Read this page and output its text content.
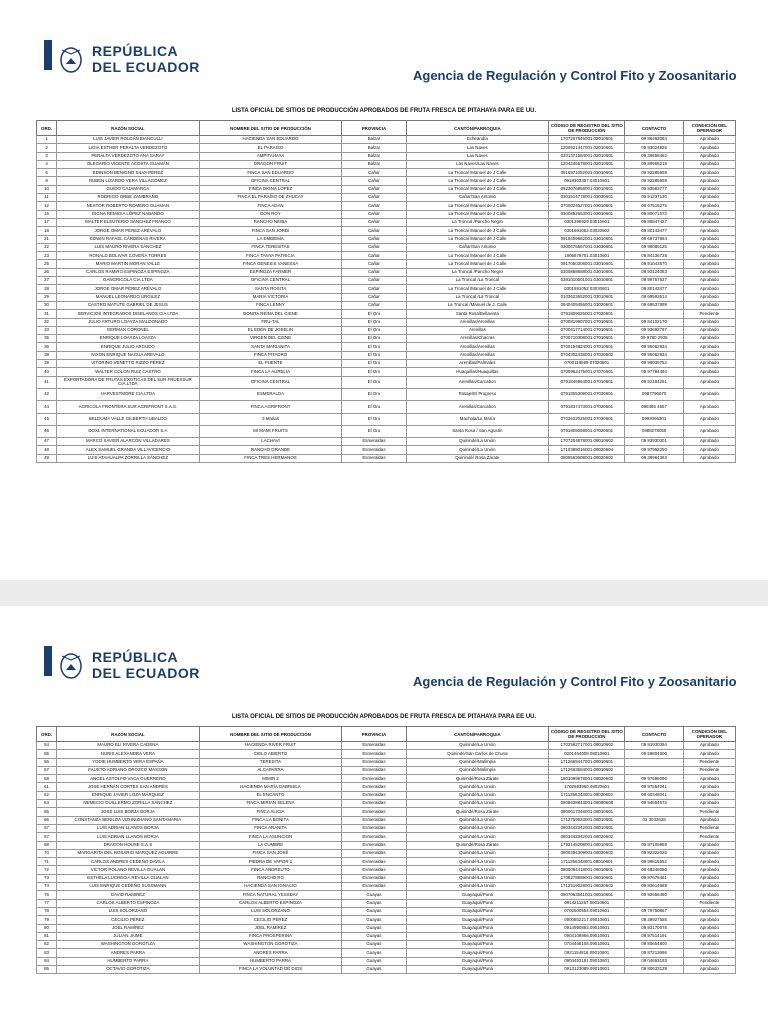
REPÚBLICA
DEL ECUADOR
Agencia de Regulación y Control Fito y Zoosanitario
LISTA OFICIAL DE SITIOS DE PRODUCCIÓN APROBADOS DE FRUTA FRESCA DE PITAHAYA PARA EE UU.
ORD.	RAZÓN SOCIAL	NOMBRE DEL SITIO DE PRODUCCIÓN	PROVINCIA	CANTÓN/PARROQUIA	CÓDIGO DE REGISTRO DEL SITIO DE PRODUCCIÓN	CONTACTO	CONDICIÓN DEL OPERADOR
1	LUIS JAVIER ROLDÁN BIANCULLI	HACIENDA SAN EDUARDO	Balzar	Echeandía	1707207645001.02010601	09 86462084	Aprobado
2	LIGIA ESTHER PERALTA VERDEZOTO	EL PARAISO	Balzar	Las Naves	1200921447001.02010601	09 93024925	Aprobado
3	PERALTA VERDEZOTO ANA SARAY	AMPITAHAYA	Balzar	Las Naves	0201371584001.02010601	09 39658462	Aprobado
4	OLEGARIO VICENTE ACOSTA GUAMÁN	DRAGON FRUIT	Balzar	Las Naves/Las Naves	1204246578001.02010601	09 89968218	Aprobado
6	EDINSON BENIGNO SILVA PÉREZ	FINCA SAN EDUARDO	Cañar	La Troncal /Manuel de J Calle	0916971052001.03010601	09 92285659	Aprobado
8	RUBEN LIZARDO VERA VILLAGÓMEZ	OFICINA CENTRAL	Cañar	La Troncal /Manuel de J Calle	0918303357.03010601	09 92285659	Aprobado
10	GUIDO CAJAMARCA	FINCA DIGNA LÓPEZ	Cañar	La Troncal /Manuel de J Calle	0923076858001.03010601	09 93583777	Aprobado
11	RODRIGO ORBE ZAMBRANO	FINCA EL PARAÍSO DE ZHUCAY	Cañar	Cañar/San Antonio	0301514778001.03030601	09 91237130	Aprobado
12	NESTOR ROBERTO ROMERO GUAMAN	FINCA ADAN	Cañar	La Troncal /Manuel de J Calle	0700024527001.03010601	09 67518275	Aprobado
15	DIGNA REMIGIA LÓPEZ NABANDO	DON ROY	Cañar	La Troncal /Manuel de J Calle	0300852653001.03010601	09 80071572	Aprobado
17	WALTER ELEUTERIO SÁNCHEZ FRANCO	RANCHO NEIBA	Cañar	La Troncal /Pancho Negro	0301295929.03010601	09 88847427	Aprobado
18	JORGE OMAR PÉREZ ARÉVALO	FINCA SAN JORDI	Cañar	La Troncal /Manuel de J Calle	0301691052.03020602	09 80143477	Aprobado
21	EDWIN RAFAEL CÁRDENAS RIVERA	LA EMBIEMA	Cañar	La Troncal /Manuel de J Calle	0918409682001.03010601	09 69737984	Aprobado
22	LUIS MAURO RIVERA SÁNCHEZ	FINCA TERESITAS	Cañar	Cañar/San Antonio	0300475567001.03030601	09 98085125	Aprobado
23	RONALD BOLIVAR COVEÑA TORRES	FINCA TANYA PATRICIA	Cañar	La Troncal /Manuel de J Calle	1805679701.03010601	09 84136728	Aprobado
25	MARIO MARTIN MORAN VALLE	FINCA GENESIS VANESSA	Cañar	La Troncal /Manuel de J Calle	0917050306001.03010601	09 91043570	Aprobado
26	CARLOS RAMIRO ESPINOZA ESPINOZA	ESPINOZA FARMER	Cañar	La Troncal /Pancho Negro	0300868688001.03010601	09 93124083	Aprobado
27	GANGRICOLA CIA.LTDA	OFICINA CENTRAL	Cañar	La Troncal /La Troncal	0391010001001.03010601	09 99757627	Aprobado
28	JORGE OMAR PÉREZ ARÉVALO	SANTA ROSITA	Cañar	La Troncal /Manuel de J Calle	0301691052.03030601	09 80143477	Aprobado
29	MANUEL LEONARDO URGILEZ	MARIA VICTORIA	Cañar	La Troncal /La Troncal	0103623652001.03010601	09 69593614	Aprobado
30	CASTRO MATUTE GABRIEL DE JESUS	FINCA LENNY	Cañar	La Troncal /Manuel de J. Calle	0940409456001.03020601	09 69537899	Aprobado
31	SERVICIOS INTEGRADOS DISELANOS CIA LTDA	BONITA REINA DEL CISNE	El Oro	Santa Rosa/Bellavista	0791809025001.07020601		Pendiente
32	JULIO ARTURO LOAYZA MALDONADO	FRU-TAL	El Oro	Arenillas/Arenillas	0700819907001.07010601	09 84102170	Aprobado
33	GERMAN CORONEL	EL EDÉN DE JOSELIN	El Oro	Arenillas	0700417714001.07010601	09 93692797	Aprobado
35	ENRIQUE LOAYZA LOAYZA	VIRGEN DEL CISNE	El Oro	Arenillas/Chacras	0700710308001.07010601	09 9780 2935	Aprobado
36	ENRIQUE JULIO ARGUDO	SANTA MARIANITA	El Oro	Arenillas/Arenillas	0700154824001.07010601	09 95062934	Aprobado
38	NIXON ENRIQUE NAGUA AREVALO	FINCA PITADRO	El Oro	Arenillas/Arenillas	0704302438001.07020602	09 95062934	Aprobado
39	VITORINO VENETTO RIZZO PÉREZ	EL PUENTE	El Oro	Arenillas/Palmales	0700116599.07020601	09 98039752	Aprobado
40	WALTER COLON RUIZ CASTRO	FINCA LA AURELIA	El Oro	Huaquillas/Huaquillas	0700962475001.07070601	09 97794494	Aprobado
41	EXPORTADORA DE FRUTAS EXOTICAS DEL SUR FRUEXSUR CIA.LTDA	OFICINA CENTRAL	El Oro	Arenillas/Carcabon	0791846964001.07010601	09 92184261	Aprobado
42	HARVESTMORE CIA.LTDA	ESMERALDA	El Oro	Pasaje/El Progreso	0791805309001.07030601	0987796670	Aprobado
44	AGRICOLA FRONTERA SUR AGRIFRONT S.A.S.	FINCA AGRIFRONT	El Oro	Arenillas/Carcabon	0791837473001.07020601	098486 4557	Aprobado
45	BELDUMA VALLE GILBERTH UBALDO	3 Marias	El Oro	Machala/La María	0703632025001.07030601	0993066301	Aprobado
46	DOXL INTERNATIONAL ECUADOR S.A	MI MAMI FRUITS	El Oro	Santa Rosa / San Agustín	0791809058001.07020601	0988278059	Aprobado
47	MARCO XAVIER ALARCÓN VILLADARES	LACHAVI	Esmeraldas	Quinindé/La Unión	1707204878001.08010602	09 83930301	Aprobado
48	ALEX SAMUEL GRANDA VILLAVICENCIO	RANCHO GRANDE	Esmeraldas	Quinindé/La Unión	1710398016001.08020604	09 97952250	Aprobado
49	LUIS ATAHUALPA ZORRILLA SÁNCHEZ	FINCA TRES HERMANOS	Esmeraldas	Quinindé/ Rosa Zárate	0809563608001.08020602	09 39964363	Aprobado
REPÚBLICA
DEL ECUADOR
Agencia de Regulación y Control Fito y Zoosanitario
LISTA OFICIAL DE SITIOS DE PRODUCCIÓN APROBADOS DE FRUTA FRESCA DE PITAHAYA PARA EE UU.
ORD.	RAZÓN SOCIAL	NOMBRE DEL SITIO DE PRODUCCIÓN	PROVINCIA	CANTÓN/PARROQUIA	CÓDIGO DE REGISTRO DEL SITIO DE PRODUCCIÓN	CONTACTO	CONDICIÓN DEL OPERADOR
54	MAURO ELI RIVERA CADENA	HACIENDA RIVER FRUIT	Esmeraldas	Quinindé/La Unión	1702562717001.08010602	09 81930394	Aprobado
55	NURIS ALEXANDRA VERA	CIELO ABIERTO	Esmeraldas	Quinindé/San Carlos de Chuva	0201464008.08010601	09 59804500	Aprobado
56	YODIE HUMBERTO VERA ESPAÑA	TERESITA	Esmeraldas	Quinindé/Malimpia	1712669447001.08010601		Pendiente
57	FAUSTO ADRIANO OROZCO MASSON	ALCAPARRA	Esmeraldas	Quinindé/Malimpia	1712663584001.08010602		Pendiente
58	ANGEL ASTOLFO VACA GUERRERO	MIMIR 2	Esmeraldas	Quinindé/Rosa Zárate	1801099878001.08020602	09 97698096	Aprobado
61	JOSÉ HERNÁN CORTES SAN ANDRÉS	HACIENDA MARÍA GABRIELA	Esmeraldas	Quinindé/La Unión	1702983960.08020601	09 97554041	Aprobado
62	ENRIQUE JAVIER LOZA MÁRQUEZ	EL ENCANTO	Esmeraldas	Quinindé/La Unión	1711356343001.08020602	09 60348041	Aprobado
64	NEMECIO GUILLERMO ZORILLA SÁNCHEZ	FINCA MIRIAN SELENA	Esmeraldas	Quinindé/La Unión	0808638843001.08080608	09 94654672	Aprobado
65	JOSÉ LUIS BORJA BORJA	FINCA ALICIA	Esmeraldas	Quinindé/Rosa Zárate	0800617348001.08010601		Pendiente
66	CONSTANZA BENILDA VIZHNIZHANO SANTAMARIA	FINCA LA BONITA	Esmeraldas	Quinindé/La Unión	1712759523001.08010601	02 3032628	Aprobado
67	LUIS ADRIAN LLANOS BORJA	FINCA ARANITA	Esmeraldas	Quinindé/La Unión	0803442342001.08010601		Pendiente
67	LUIS ADRIAN LLANOS BORJA	FINCA LA ASUNCION	Esmeraldas	Quinindé/La Unión	0803442342001.08020602		Pendiente
68	DRAGON HOUSE S.A.S	LA CUMBRE	Esmeraldas	Quinindé/Rosa Zárate	1793145208001.08010601	09 97109958	Aprobado
70	MARGARITA DEL ROSARIO MARQUEZ AGUIRRE	FINCA SAN JOSÉ	Esmeraldas	Quinindé/La Unión	0800354309001.08020602	09 82322025	Aprobado
71	CARLOS ANDRES CEDEÑO DAVILA	PIEDRA DE VAPOR 1	Esmeraldas	Quinindé/La Unión	1711356343001.08010601	09 99815552	Aprobado
72	VICTOR POLANO REVILLA GUALAN	FINCA ANDREUTO	Esmeraldas	Quinindé/La Unión	0800094418001.08010601	09 68248080	Aprobado
73	ESTHELA LUCRECIA REVILLA GUALAN	RANCHO RG	Esmeraldas	Quinindé/La Unión	1708278689001.08010601	09 97678481	Aprobado
74	LUIS ENRIQUE CEDEÑO SUSSMANN	HACIENDA SAN IGNACIO	Esmeraldas	Quinindé/La Unión	1712519028001.08020602	09 93614688	Aprobado
76	DAVID RAMIREZ	FINCA NATURAL YESSDAY	Guayas	Guayaquil/Puná	0907063541001.09010601	09 92656480	Aprobado
77	CARLOS ALBERTO ESPINOZA	CARLOS ALBERTO ESPINOZA	Guayas	Guayaquil/Puná	0914211267.09010601		Pendiente
78	LUIS SOLORZANO	LUIS SOLORZANO	Guayas	Guayaquil/Puná	0702500554.09010601	09 79750867	Aprobado
79	CECILIO PÉREZ	CECILIO PÉREZ	Guayas	Guayaquil/Puná	0900802217.09010601	09 39927555	Aprobado
80	JOEL RAMÍREZ	JOEL RAMÍREZ	Guayas	Guayaquil/Puná	0914990863.09010601	09 93170078	Aprobado
81	JULIÁN JAIME	FINCA PROSPERINA	Guayas	Guayaquil/Puná	0904108966.09010601	09 97514191	Aprobado
82	WASHINGTON GOROTIZA	WASHINGTON GOROTIZA	Guayas	Guayaquil/Puná	0704468108.09010601	09 80654800	Aprobado
83	ANDRÉS PARRA	ANDRÉS PARRA	Guayas	Guayaquil/Puná	0921154818.09010601	09 87213696	Aprobado
84	HUMBERTO PARRA	HUMBERTO PARRA	Guayas	Guayaquil/Puná	0904453191.09010601	09 04653193	Aprobado
85	OCTAVIO GOROTIZA	FINCA LA VOLUNTAD DE DIOS	Guayas	Guayaquil/Puná	0913123089.09010601	09 80633129	Aprobado
